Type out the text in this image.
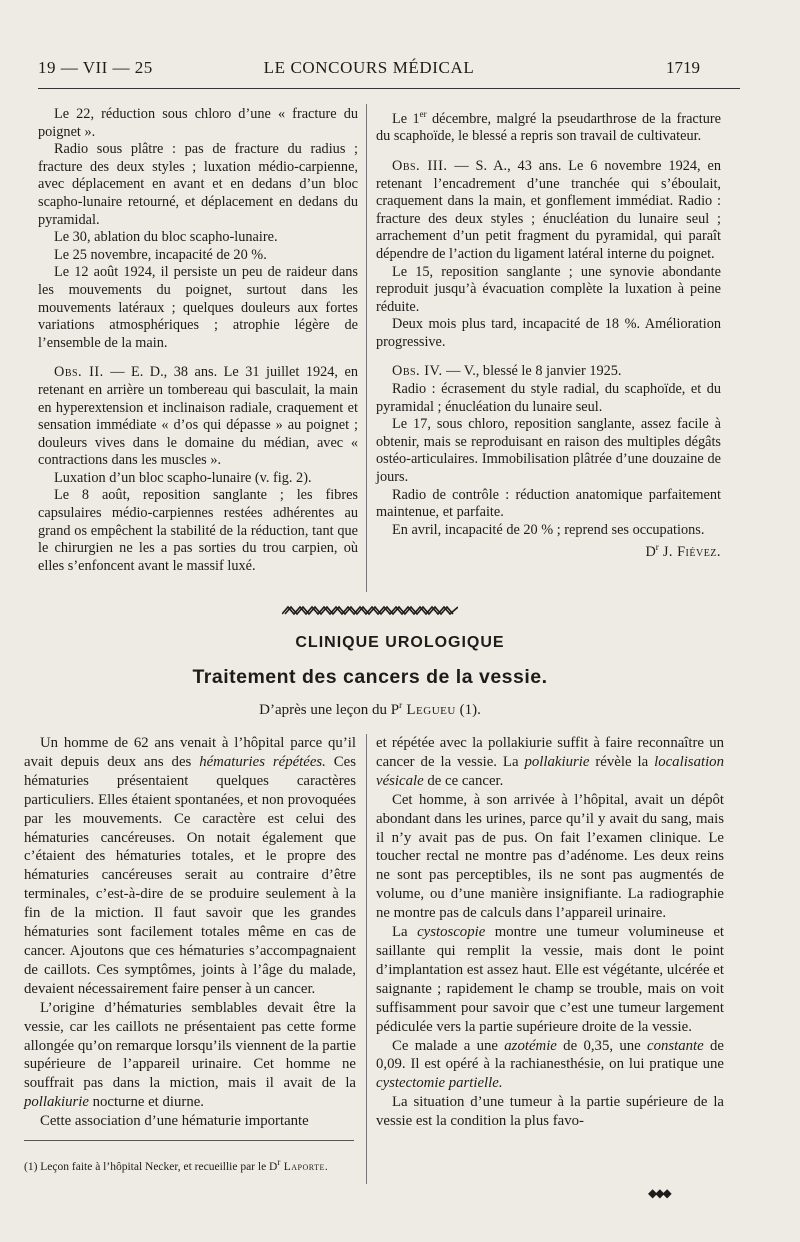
19 — VII — 25	LE CONCOURS MÉDICAL	1719

Le 22, réduction sous chloro d’une « fracture du poignet ».

Radio sous plâtre : pas de fracture du radius ; fracture des deux styles ; luxation médio-carpienne, avec déplacement en avant et en dedans d’un bloc scapho-lunaire retourné, et déplacement en dedans du pyramidal.

Le 30, ablation du bloc scapho-lunaire.

Le 25 novembre, incapacité de 20 %.

Le 12 août 1924, il persiste un peu de raideur dans les mouvements du poignet, surtout dans les mouvements latéraux ; quelques douleurs aux fortes variations atmosphériques ; atrophie légère de l’ensemble de la main.

Obs. II. — E. D., 38 ans. Le 31 juillet 1924, en retenant en arrière un tombereau qui basculait, la main en hyperextension et inclinaison radiale, craquement et sensation immédiate « d’os qui dépasse » au poignet ; douleurs vives dans le domaine du médian, avec « contractions dans les muscles ».

Luxation d’un bloc scapho-lunaire (v. fig. 2).

Le 8 août, reposition sanglante ; les fibres capsulaires médio-carpiennes restées adhérentes au grand os empêchent la stabilité de la réduction, tant que le chirurgien ne les a pas sorties du trou carpien, où elles s’enfoncent avant le massif luxé.

Le 1er décembre, malgré la pseudarthrose de la fracture du scaphoïde, le blessé a repris son travail de cultivateur.

Obs. III. — S. A., 43 ans. Le 6 novembre 1924, en retenant l’encadrement d’une tranchée qui s’éboulait, craquement dans la main, et gonflement immédiat. Radio : fracture des deux styles ; énucléation du lunaire seul ; arrachement d’un petit fragment du pyramidal, qui paraît dépendre de l’action du ligament latéral interne du poignet.

Le 15, reposition sanglante ; une synovie abondante reproduit jusqu’à évacuation complète la luxation à peine réduite.

Deux mois plus tard, incapacité de 18 %. Amélioration progressive.

Obs. IV. — V., blessé le 8 janvier 1925.

Radio : écrasement du style radial, du scaphoïde, et du pyramidal ; énucléation du lunaire seul.

Le 17, sous chloro, reposition sanglante, assez facile à obtenir, mais se reproduisant en raison des multiples dégâts ostéo-articulaires. Immobilisation plâtrée d’une douzaine de jours.

Radio de contrôle : réduction anatomique parfaitement maintenue, et parfaite.

En avril, incapacité de 20 % ; reprend ses occupations.

$D^r$ J. Fiévez.

CLINIQUE UROLOGIQUE
Traitement des cancers de la vessie.
D’après une leçon du $P^r$ Legueu (1).

Un homme de 62 ans venait à l’hôpital parce qu’il avait depuis deux ans des hématuries répétées. Ces hématuries présentaient quelques caractères particuliers. Elles étaient spontanées, et non provoquées par les mouvements. Ce caractère est celui des hématuries cancéreuses. On notait également que c’étaient des hématuries totales, et le propre des hématuries cancéreuses serait au contraire d’être terminales, c’est-à-dire de se produire seulement à la fin de la miction. Il faut savoir que les grandes hématuries sont facilement totales même en cas de cancer. Ajoutons que ces hématuries s’accompagnaient de caillots. Ces symptômes, joints à l’âge du malade, devaient nécessairement faire penser à un cancer.

L’origine d’hématuries semblables devait être la vessie, car les caillots ne présentaient pas cette forme allongée qu’on remarque lorsqu’ils viennent de la partie supérieure de l’appareil urinaire. Cet homme ne souffrait pas dans la miction, mais il avait de la pollakiurie nocturne et diurne.

Cette association d’une hématurie importante

(1) Leçon faite à l’hôpital Necker, et recueillie par le $D^r$ Laporte.

et répétée avec la pollakiurie suffit à faire reconnaître un cancer de la vessie. La pollakiurie révèle la localisation vésicale de ce cancer.

Cet homme, à son arrivée à l’hôpital, avait un dépôt abondant dans les urines, parce qu’il y avait du sang, mais il n’y avait pas de pus. On fait l’examen clinique. Le toucher rectal ne montre pas d’adénome. Les deux reins ne sont pas perceptibles, ils ne sont pas augmentés de volume, ou d’une manière insignifiante. La radiographie ne montre pas de calculs dans l’appareil urinaire.

La cystoscopie montre une tumeur volumineuse et saillante qui remplit la vessie, mais dont le point d’implantation est assez haut. Elle est végétante, ulcérée et saignante ; rapidement le champ se trouble, mais on voit suffisamment pour savoir que c’est une tumeur largement pédiculée vers la partie supérieure droite de la vessie.

Ce malade a une azotémie de 0,35, une constante de 0,09. Il est opéré à la rachianesthésie, on lui pratique une cystectomie partielle.

La situation d’une tumeur à la partie supérieure de la vessie est la condition la plus favo-

◆◆◆
